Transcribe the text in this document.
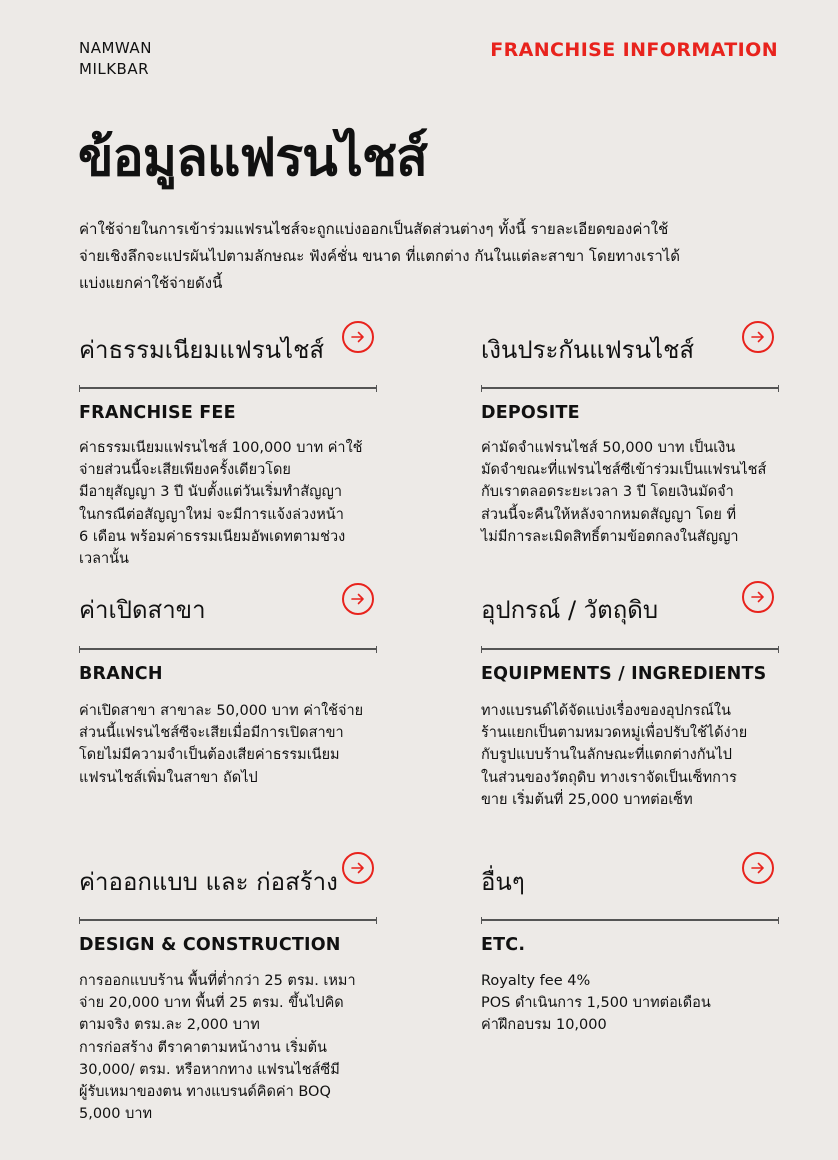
NAMWAN
MILKBAR
FRANCHISE INFORMATION
ข้อมูลแฟรนไชส์
ค่าใช้จ่ายในการเข้าร่วมแฟรนไชส์จะถูกแบ่งออกเป็นสัดส่วนต่างๆ ทั้งนี้ รายละเอียดของค่าใช้
จ่ายเชิงลึกจะแปรผันไปตามลักษณะ ฟังค์ชั่น ขนาด ที่แตกต่าง กันในแต่ละสาขา โดยทางเราได้
แบ่งแยกค่าใช้จ่ายดังนี้
ค่าธรรมเนียมแฟรนไชส์
FRANCHISE FEE
ค่าธรรมเนียมแฟรนไชส์ 100,000 บาท ค่าใช้
จ่ายส่วนนี้จะเสียเพียงครั้งเดียวโดย
มีอายุสัญญา 3 ปี นับตั้งแต่วันเริ่มทำสัญญา
ในกรณีต่อสัญญาใหม่ จะมีการแจ้งล่วงหน้า
6 เดือน พร้อมค่าธรรมเนียมอัพเดทตามช่วง
เวลานั้น
เงินประกันแฟรนไชส์
DEPOSITE
ค่ามัดจำแฟรนไชส์ 50,000 บาท เป็นเงิน
มัดจำขณะที่แฟรนไชส์ซีเข้าร่วมเป็นแฟรนไชส์
กับเราตลอดระยะเวลา 3 ปี โดยเงินมัดจำ
ส่วนนี้จะคืนให้หลังจากหมดสัญญา โดย ที่
ไม่มีการละเมิดสิทธิ์ตามข้อตกลงในสัญญา
ค่าเปิดสาขา
BRANCH
ค่าเปิดสาขา สาขาละ 50,000 บาท ค่าใช้จ่าย
ส่วนนี้แฟรนไชส์ซีจะเสียเมื่อมีการเปิดสาขา
โดยไม่มีความจำเป็นต้องเสียค่าธรรมเนียม
แฟรนไชส์เพิ่มในสาขา ถัดไป
อุปกรณ์ / วัตถุดิบ
EQUIPMENTS / INGREDIENTS
ทางแบรนด์ได้จัดแบ่งเรื่องของอุปกรณ์ใน
ร้านแยกเป็นตามหมวดหมู่เพื่อปรับใช้ได้ง่าย
กับรูปแบบร้านในลักษณะที่แตกต่างกันไป
ในส่วนของวัตถุดิบ ทางเราจัดเป็นเซ็ทการ
ขาย เริ่มต้นที่ 25,000 บาทต่อเซ็ท
ค่าออกแบบ และ ก่อสร้าง
DESIGN & CONSTRUCTION
การออกแบบร้าน พื้นที่ต่ำกว่า 25 ตรม. เหมา
จ่าย 20,000 บาท พื้นที่ 25 ตรม. ขึ้นไปคิด
ตามจริง ตรม.ละ 2,000 บาท
การก่อสร้าง ตีราคาตามหน้างาน เริ่มต้น
30,000/ ตรม. หรือหากทาง แฟรนไชส์ซีมี
ผู้รับเหมาของตน ทางแบรนด์คิดค่า BOQ
5,000 บาท
อื่นๆ
ETC.
Royalty fee 4%
POS ดำเนินการ 1,500 บาทต่อเดือน
ค่าฝึกอบรม 10,000
